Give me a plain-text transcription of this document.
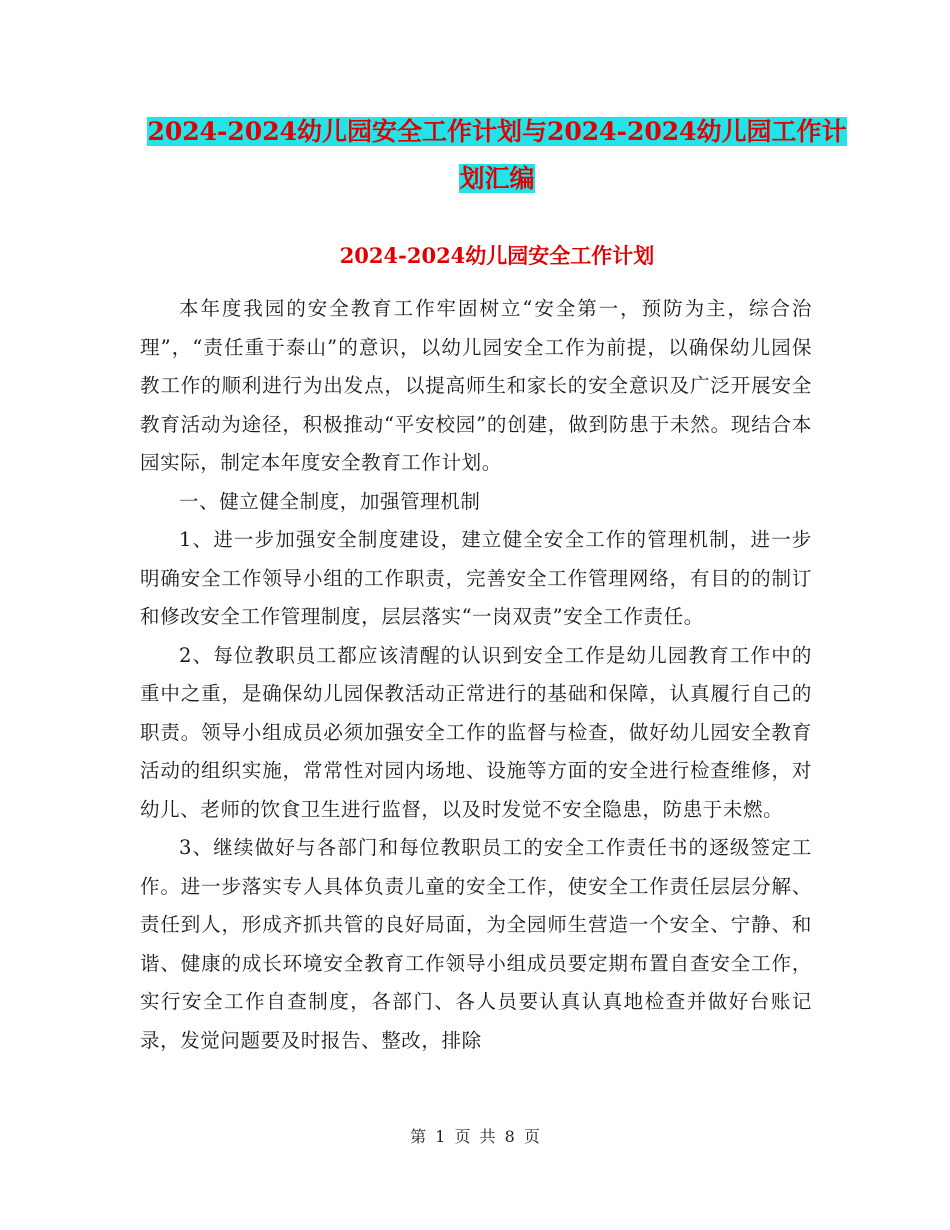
2024-2024幼儿园安全工作计划与2024-2024幼儿园工作计划汇编
2024-2024幼儿园安全工作计划

本年度我园的安全教育工作牢固树立“安全第一，预防为主，综合治理”，“责任重于泰山”的意识，以幼儿园安全工作为前提，以确保幼儿园保教工作的顺利进行为出发点，以提高师生和家长的安全意识及广泛开展安全教育活动为途径，积极推动“平安校园”的创建，做到防患于未然。现结合本园实际，制定本年度安全教育工作计划。

一、健立健全制度，加强管理机制

1、进一步加强安全制度建设，建立健全安全工作的管理机制，进一步明确安全工作领导小组的工作职责，完善安全工作管理网络，有目的的制订和修改安全工作管理制度，层层落实“一岗双责”安全工作责任。

2、每位教职员工都应该清醒的认识到安全工作是幼儿园教育工作中的重中之重，是确保幼儿园保教活动正常进行的基础和保障，认真履行自己的职责。领导小组成员必须加强安全工作的监督与检查，做好幼儿园安全教育活动的组织实施，常常性对园内场地、设施等方面的安全进行检查维修，对幼儿、老师的饮食卫生进行监督，以及时发觉不安全隐患，防患于未燃。

3、继续做好与各部门和每位教职员工的安全工作责任书的逐级签定工作。进一步落实专人具体负责儿童的安全工作，使安全工作责任层层分解、责任到人，形成齐抓共管的良好局面，为全园师生营造一个安全、宁静、和谐、健康的成长环境安全教育工作领导小组成员要定期布置自查安全工作，实行安全工作自查制度，各部门、各人员要认真认真地检查并做好台账记录，发觉问题要及时报告、整改，排除

第 1 页 共 8 页
